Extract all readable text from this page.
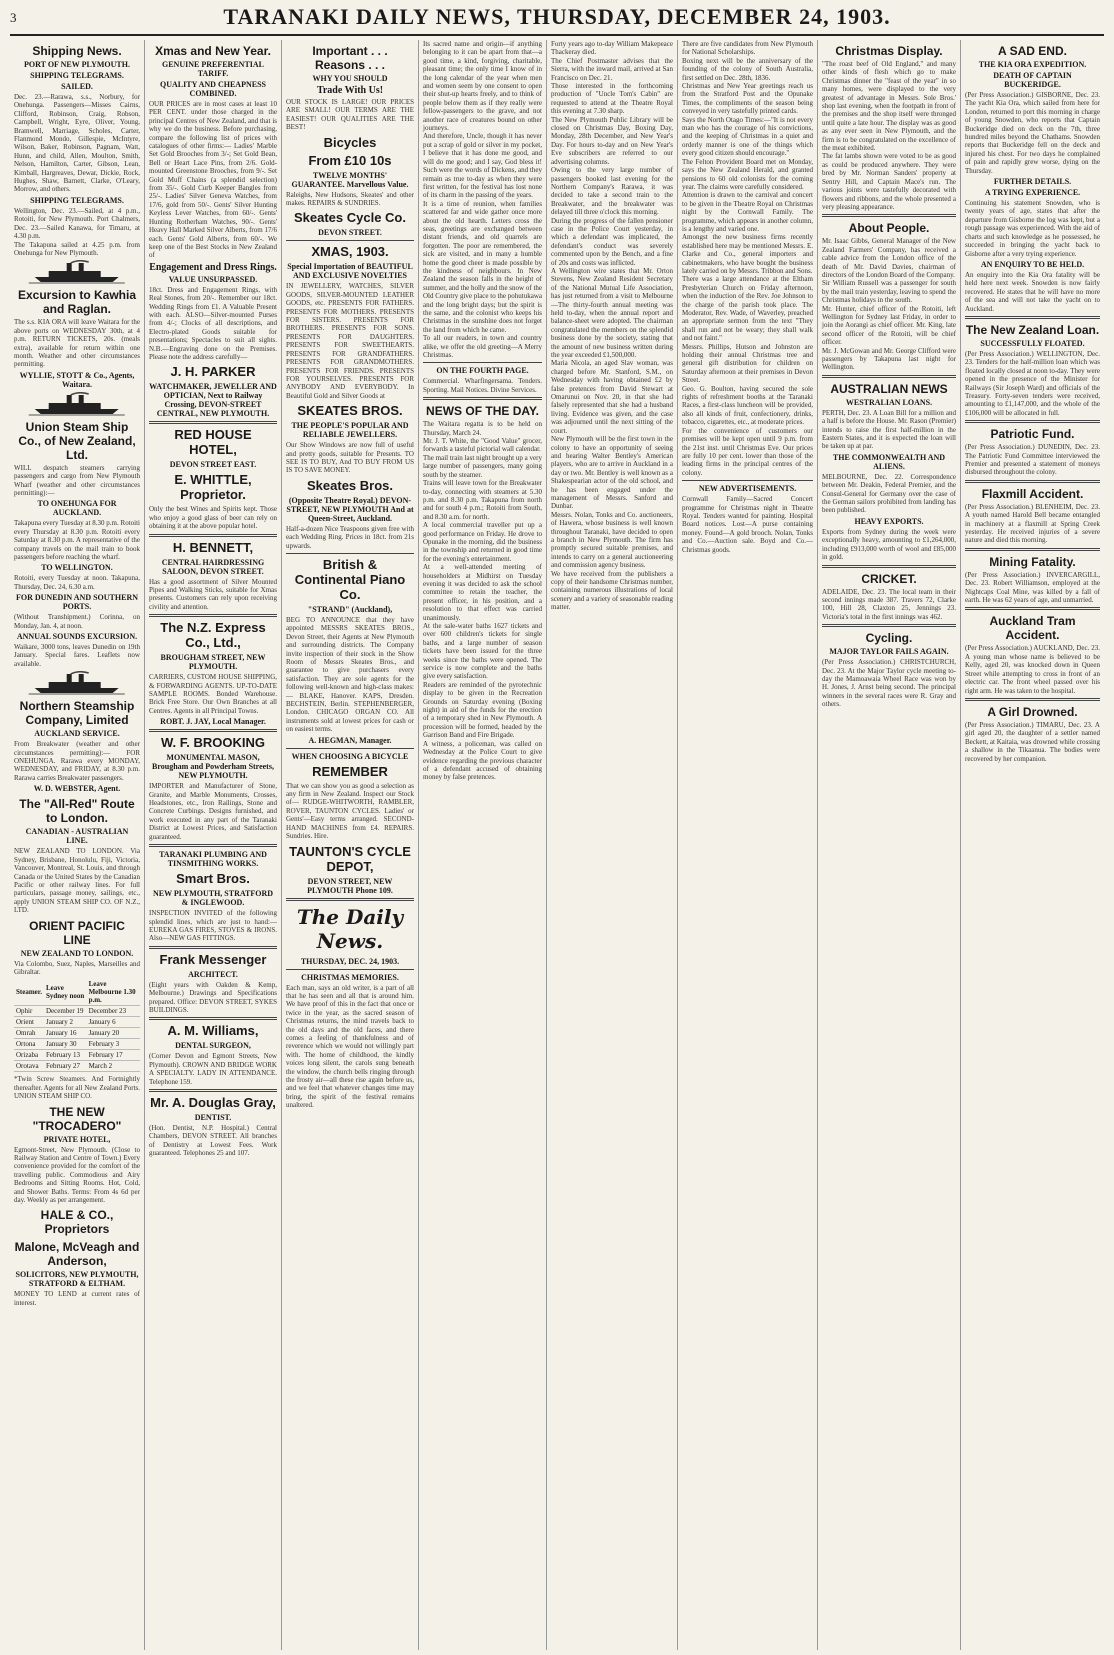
3	TARANAKI DAILY NEWS, THURSDAY, DECEMBER 24, 1903.
Shipping News.
PORT OF NEW PLYMOUTH.
SHIPPING TELEGRAMS.
SAILED.
Dec. 23.—Rarawa, s.s., Norbury, for Onehunga. Passengers—Misses Cairns, Clifford, Robinson, Craig, Robson, Campbell, Wright, Eyre, Oliver, Young, Bramwell, Marriage, Scholes, Carter, Flanmond Mondo, Gillespie, McIntyre, Wilson, Baker, Robinson, Pagnam, Watt, Hunn, and child, Allen, Moulton, Smith, Nelson, Hamilton, Carter, Gibson, Lean, Kimball, Hargreaves, Dewar, Dickie, Rock, Hughes, Shaw, Barnett, Clarke, O'Leary, Morrow, and others.
SHIPPING TELEGRAMS.
Wellington, Dec. 23.—Sailed, at 4 p.m., Rotoiti, for New Plymouth. Port Chalmers, Dec. 23.—Sailed Kanawa, for Timaru, at 4.30 p.m.
The Takapuna sailed at 4.25 p.m. from Onehunga for New Plymouth.
Excursion to Kawhia and Raglan.
The s.s. KIA ORA will leave Waitara for the above ports on WEDNESDAY 30th, at 4 p.m. RETURN TICKETS, 20s. (meals extra), available for return within one month. Weather and other circumstances permitting.
WYLLIE, STOTT & Co., Agents, Waitara.
Union Steam Ship Co., of New Zealand, Ltd.
WILL despatch steamers carrying passengers and cargo from New Plymouth Wharf (weather and other circumstances permitting):—
TO ONEHUNGA FOR AUCKLAND.
Takapuna every Tuesday at 8.30 p.m. Rotoiti every Thursday at 8.30 p.m. Rotoiti every Saturday at 8.30 p.m. A representative of the company travels on the mail train to book passengers before reaching the wharf.
TO WELLINGTON.
Rotoiti, every Tuesday at noon. Takapuna, Thursday, Dec. 24, 6.30 a.m.
FOR DUNEDIN AND SOUTHERN PORTS.
(Without Transhipment.) Corinna, on Monday, Jan. 4, at noon.
ANNUAL SOUNDS EXCURSION.
Waikare, 3000 tons, leaves Dunedin on 19th January. Special fares. Leaflets now available.
Northern Steamship Company, Limited
AUCKLAND SERVICE.
From Breakwater (weather and other circumstances permitting):— FOR ONEHUNGA. Rarawa every MONDAY, WEDNESDAY, and FRIDAY, at 8.30 p.m. Rarawa carries Breakwater passengers.
W. D. WEBSTER, Agent.
The "All-Red" Route to London.
CANADIAN - AUSTRALIAN LINE.
NEW ZEALAND TO LONDON. Via Sydney, Brisbane, Honolulu, Fiji, Victoria, Vancouver, Montreal, St. Louis, and through Canada or the United States by the Canadian Pacific or other railway lines. For full particulars, passage money, sailings, etc., apply UNION STEAM SHIP CO. OF N.Z., LTD.
ORIENT PACIFIC LINE
NEW ZEALAND TO LONDON.
Via Colombo, Suez, Naples, Marseilles and Gibraltar.
Steamer.	Leave Sydney noon	Leave Melbourne 1.30 p.m.
Ophir	December 19	December 23
Orient	January 2	January 6
Omrah	January 16	January 20
Ortona	January 30	February 3
Orizaba	February 13	February 17
Orotava	February 27	March 2
*Twin Screw Steamers. And Fortnightly thereafter. Agents for all New Zealand Ports. UNION STEAM SHIP CO.
THE NEW "TROCADERO"
PRIVATE HOTEL,
Egmont-Street, New Plymouth. (Close to Railway Station and Centre of Town.) Every convenience provided for the comfort of the travelling public. Commodious and Airy Bedrooms and Sitting Rooms. Hot, Cold, and Shower Baths. Terms: From 4s 6d per day. Weekly as per arrangement.
HALE & CO., Proprietors
Malone, McVeagh and Anderson,
SOLICITORS, NEW PLYMOUTH, STRATFORD & ELTHAM.
MONEY TO LEND at current rates of interest.
Xmas and New Year.
GENUINE PREFERENTIAL TARIFF.
QUALITY AND CHEAPNESS COMBINED.
OUR PRICES are in most cases at least 10 PER CENT. under those charged in the principal Centres of New Zealand, and that is why we do the business. Before purchasing, compare the following list of prices with catalogues of other firms:— Ladies' Marble Set Gold Brooches from 3/-; Set Gold Bean, Bell or Heart Lace Pins, from 2/6. Gold-mounted Greenstone Brooches, from 9/-. Set Gold Muff Chains (a splendid selection) from 35/-. Gold Curb Keeper Bangles from 25/-. Ladies' Silver Geneva Watches, from 17/6, gold from 50/-. Gents' Silver Hunting Keyless Lever Watches, from 60/-. Gents' Hunting Rotherham Watches, 90/-. Gents' Heavy Hall Marked Silver Alberts, from 17/6 each. Gents' Gold Alberts, from 60/-. We keep one of the Best Stocks in New Zealand of
Engagement and Dress Rings.
VALUE UNSURPASSED.
18ct. Dress and Engagement Rings, with Real Stones, from 20/-. Remember our 18ct. Wedding Rings from £1. A Valuable Present with each. ALSO—Silver-mounted Purses from 4/-; Clocks of all descriptions, and Electro-plated Goods suitable for presentations; Spectacles to suit all sights. N.B.—Engraving done on the Premises. Please note the address carefully—
J. H. PARKER
WATCHMAKER, JEWELLER AND OPTICIAN, Next to Railway Crossing, DEVON-STREET CENTRAL, NEW PLYMOUTH.
RED HOUSE HOTEL,
DEVON STREET EAST.
E. WHITTLE, Proprietor.
Only the best Wines and Spirits kept. Those who enjoy a good glass of beer can rely on obtaining it at the above popular hotel.
H. BENNETT,
CENTRAL HAIRDRESSING SALOON, DEVON STREET.
Has a good assortment of Silver Mounted Pipes and Walking Sticks, suitable for Xmas presents. Customers can rely upon receiving civility and attention.
The N.Z. Express Co., Ltd.,
BROUGHAM STREET, NEW PLYMOUTH.
CARRIERS, CUSTOM HOUSE SHIPPING, & FORWARDING AGENTS. UP-TO-DATE SAMPLE ROOMS. Bonded Warehouse. Brick Free Store. Our Own Branches at all Centres. Agents in all Principal Towns.
ROBT. J. JAY, Local Manager.
W. F. BROOKING
MONUMENTAL MASON, Brougham and Powderham Streets, NEW PLYMOUTH.
IMPORTER and Manufacturer of Stone, Granite, and Marble Monuments, Crosses, Headstones, etc., Iron Railings, Stone and Concrete Curbings. Designs furnished, and work executed in any part of the Taranaki District at Lowest Prices, and Satisfaction guaranteed.
TARANAKI PLUMBING AND TINSMITHING WORKS.
Smart Bros.
NEW PLYMOUTH, STRATFORD & INGLEWOOD.
INSPECTION INVITED of the following splendid lines, which are just to hand:— EUREKA GAS FIRES, STOVES & IRONS. Also—NEW GAS FITTINGS.
Frank Messenger
ARCHITECT.
(Eight years with Oakden & Kemp, Melbourne.) Drawings and Specifications prepared. Office: DEVON STREET, SYKES BUILDINGS.
A. M. Williams,
DENTAL SURGEON,
(Corner Devon and Egmont Streets, New Plymouth). CROWN AND BRIDGE WORK A SPECIALTY. LADY IN ATTENDANCE. Telephone 159.
Mr. A. Douglas Gray,
DENTIST.
(Hon. Dentist, N.P. Hospital.) Central Chambers, DEVON STREET. All branches of Dentistry at Lowest Fees. Work guaranteed. Telephones 25 and 107.
Important . . . Reasons . . .
WHY YOU SHOULD
Trade With Us!
OUR STOCK IS LARGE! OUR PRICES ARE SMALL! OUR TERMS ARE THE EASIEST! OUR QUALITIES ARE THE BEST!
Bicycles
From £10 10s
TWELVE MONTHS' GUARANTEE. Marvellous Value.
Raleighs, New Hudsons, Skeates' and other makes. REPAIRS & SUNDRIES.
Skeates Cycle Co.
DEVON STREET.
XMAS, 1903.
Special Importation of BEAUTIFUL AND EXCLUSIVE NOVELTIES
IN JEWELLERY, WATCHES, SILVER GOODS, SILVER-MOUNTED LEATHER GOODS, etc. PRESENTS FOR FATHERS. PRESENTS FOR MOTHERS. PRESENTS FOR SISTERS. PRESENTS FOR BROTHERS. PRESENTS FOR SONS. PRESENTS FOR DAUGHTERS. PRESENTS FOR SWEETHEARTS. PRESENTS FOR GRANDFATHERS. PRESENTS FOR GRANDMOTHERS. PRESENTS FOR FRIENDS. PRESENTS FOR YOURSELVES. PRESENTS FOR ANYBODY AND EVERYBODY. In Beautiful Gold and Silver Goods at
SKEATES BROS.
THE PEOPLE'S POPULAR AND RELIABLE JEWELLERS.
Our Show Windows are now full of useful and pretty goods, suitable for Presents. TO SEE IS TO BUY, And TO BUY FROM US IS TO SAVE MONEY.
Skeates Bros.
(Opposite Theatre Royal.) DEVON-STREET, NEW PLYMOUTH And at Queen-Street, Auckland.
Half-a-dozen Nice Teaspoons given free with each Wedding Ring. Prices in 18ct. from 21s upwards.
British & Continental Piano Co.
"STRAND" (Auckland),
BEG TO ANNOUNCE that they have appointed MESSRS SKEATES BROS., Devon Street, their Agents at New Plymouth and surrounding districts. The Company invite inspection of their stock in the Show Room of Messrs Skeates Bros., and guarantee to give purchasers every satisfaction. They are sole agents for the following well-known and high-class makes:— BLAKE, Hanover. KAPS, Dresden. BECHSTEIN, Berlin. STEPHENBERGER, London. CHICAGO ORGAN CO. All instruments sold at lowest prices for cash or on easiest terms.
A. HEGMAN, Manager.
WHEN CHOOSING A BICYCLE
REMEMBER
That we can show you as good a selection as any firm in New Zealand. Inspect our Stock of— RUDGE-WHITWORTH, RAMBLER, ROVER, TAUNTON CYCLES. Ladies' or Gents'—Easy terms arranged. SECOND-HAND MACHINES from £4. REPAIRS. Sundries. Hire.
TAUNTON'S CYCLE DEPOT,
DEVON STREET, NEW PLYMOUTH Phone 109.
The Daily News.
THURSDAY, DEC. 24, 1903.
CHRISTMAS MEMORIES.
Each man, says an old writer, is a part of all that he has seen and all that is around him. We have proof of this in the fact that once or twice in the year, as the sacred season of Christmas returns, the mind travels back to the old days and the old faces, and there comes a feeling of thankfulness and of reverence which we would not willingly part with. The home of childhood, the kindly voices long silent, the carols sung beneath the window, the church bells ringing through the frosty air—all these rise again before us, and we feel that whatever changes time may bring, the spirit of the festival remains unaltered.
Its sacred name and origin—if anything belonging to it can be apart from that—a good time, a kind, forgiving, charitable, pleasant time; the only time I know of in the long calendar of the year when men and women seem by one consent to open their shut-up hearts freely, and to think of people below them as if they really were fellow-passengers to the grave, and not another race of creatures bound on other journeys.
And therefore, Uncle, though it has never put a scrap of gold or silver in my pocket, I believe that it has done me good, and will do me good; and I say, God bless it! Such were the words of Dickens, and they remain as true to-day as when they were first written, for the festival has lost none of its charm in the passing of the years.
It is a time of reunion, when families scattered far and wide gather once more about the old hearth. Letters cross the seas, greetings are exchanged between distant friends, and old quarrels are forgotten. The poor are remembered, the sick are visited, and in many a humble home the good cheer is made possible by the kindness of neighbours. In New Zealand the season falls in the height of summer, and the holly and the snow of the Old Country give place to the pohutukawa and the long bright days; but the spirit is the same, and the colonist who keeps his Christmas in the sunshine does not forget the land from which he came.
To all our readers, in town and country alike, we offer the old greeting—A Merry Christmas.
ON THE FOURTH PAGE.
Commercial. Wharfingersama. Tenders. Sporting. Mail Notices. Divine Services.
NEWS OF THE DAY.
The Waitara regatta is to be held on Thursday, March 24.
Mr. J. T. White, the "Good Value" grocer, forwards a tasteful pictorial wall calendar.
The mail train last night brought up a very large number of passengers, many going south by the steamer.
Trains will leave town for the Breakwater to-day, connecting with steamers at 5.30 p.m. and 8.30 p.m. Takapuna from north and for south 4 p.m.; Rotoiti from South, and 8.30 a.m. for north.
A local commercial traveller put up a good performance on Friday. He drove to Opunake in the morning, did the business in the township and returned in good time for the evening's entertainment.
At a well-attended meeting of householders at Midhirst on Tuesday evening it was decided to ask the school committee to retain the teacher, the present officer, in his position, and a resolution to that effect was carried unanimously.
At the sale-water baths 1627 tickets and over 600 children's tickets for single baths, and a large number of season tickets have been issued for the three weeks since the baths were opened. The service is now complete and the baths give every satisfaction.
Readers are reminded of the pyrotechnic display to be given in the Recreation Grounds on Saturday evening (Boxing night) in aid of the funds for the erection of a temporary shed in New Plymouth. A procession will be formed, headed by the Garrison Band and Fire Brigade.
A witness, a policeman, was called on Wednesday at the Police Court to give evidence regarding the previous character of a defendant accused of obtaining money by false pretences.
Forty years ago to-day William Makepeace Thackeray died.
The Chief Postmaster advises that the Sierra, with the inward mail, arrived at San Francisco on Dec. 21.
Those interested in the forthcoming production of "Uncle Tom's Cabin" are requested to attend at the Theatre Royal this evening at 7.30 sharp.
The New Plymouth Public Library will be closed on Christmas Day, Boxing Day, Monday, 28th December, and New Year's Day. For hours to-day and on New Year's Eve subscribers are referred to our advertising columns.
Owing to the very large number of passengers booked last evening for the Northern Company's Rarawa, it was decided to take a second train to the Breakwater, and the breakwater was delayed till three o'clock this morning.
During the progress of the fallen pensioner case in the Police Court yesterday, in which a defendant was implicated, the defendant's conduct was severely commented upon by the Bench, and a fine of 20s and costs was inflicted.
A Wellington wire states that Mr. Orton Stevens, New Zealand Resident Secretary of the National Mutual Life Association, has just returned from a visit to Melbourne—The thirty-fourth annual meeting was held to-day, when the annual report and balance-sheet were adopted. The chairman congratulated the members on the splendid business done by the society, stating that the amount of new business written during the year exceeded £1,500,000.
Maria Nicola, an aged Slav woman, was charged before Mr. Stanford, S.M., on Wednesday with having obtained £2 by false pretences from David Stewart at Omarunui on Nov. 20, in that she had falsely represented that she had a husband living. Evidence was given, and the case was adjourned until the next sitting of the court.
New Plymouth will be the first town in the colony to have an opportunity of seeing and hearing Walter Bentley's American players, who are to arrive in Auckland in a day or two. Mr. Bentley is well known as a Shakespearian actor of the old school, and he has been engaged under the management of Messrs. Sanford and Dunbar.
Messrs. Nolan, Tonks and Co. auctioneers, of Hawera, whose business is well known throughout Taranaki, have decided to open a branch in New Plymouth. The firm has promptly secured suitable premises, and intends to carry on a general auctioneering and commission agency business.
We have received from the publishers a copy of their handsome Christmas number, containing numerous illustrations of local scenery and a variety of seasonable reading matter.
There are five candidates from New Plymouth for National Scholarships.
Boxing next will be the anniversary of the founding of the colony of South Australia, first settled on Dec. 28th, 1836.
Christmas and New Year greetings reach us from the Stratford Post and the Opunake Times, the compliments of the season being conveyed in very tastefully printed cards.
Says the North Otago Times:—"It is not every man who has the courage of his convictions, and the keeping of Christmas in a quiet and orderly manner is one of the things which every good citizen should encourage."
The Felton Provident Board met on Monday, says the New Zealand Herald, and granted pensions to 60 old colonists for the coming year. The claims were carefully considered.
Attention is drawn to the carnival and concert to be given in the Theatre Royal on Christmas night by the Cornwall Family. The programme, which appears in another column, is a lengthy and varied one.
Amongst the new business firms recently established here may be mentioned Messrs. E. Clarke and Co., general importers and cabinetmakers, who have bought the business lately carried on by Messrs. Tribbon and Sons.
There was a large attendance at the Eltham Presbyterian Church on Friday afternoon, when the induction of the Rev. Joe Johnson to the charge of the parish took place. The Moderator, Rev. Wade, of Waverley, preached an appropriate sermon from the text "They shall run and not be weary; they shall walk and not faint."
Messrs. Phillips, Hutson and Johnston are holding their annual Christmas tree and general gift distribution for children on Saturday afternoon at their premises in Devon Street.
Geo. G. Boulton, having secured the sole rights of refreshment booths at the Taranaki Races, a first-class luncheon will be provided, also all kinds of fruit, confectionery, drinks, tobacco, cigarettes, etc., at moderate prices.
For the convenience of customers our premises will be kept open until 9 p.m. from the 21st inst. until Christmas Eve. Our prices are fully 10 per cent. lower than those of the leading firms in the principal centres of the colony.
NEW ADVERTISEMENTS.
Cornwall Family—Sacred Concert programme for Christmas night in Theatre Royal. Tenders wanted for painting. Hospital Board notices. Lost—A purse containing money. Found—A gold brooch. Nolan, Tonks and Co.—Auction sale. Boyd and Co.—Christmas goods.
Christmas Display.
"The roast beef of Old England," and many other kinds of flesh which go to make Christmas dinner the "feast of the year" in so many homes, were displayed to the very greatest of advantage in Messrs. Sole Bros.' shop last evening, when the footpath in front of the premises and the shop itself were thronged until quite a late hour. The display was as good as any ever seen in New Plymouth, and the firm is to be congratulated on the excellence of the meat exhibited.
The fat lambs shown were voted to be as good as could be produced anywhere. They were bred by Mr. Norman Sanders' property at Sentry Hill, and Captain Mace's run. The various joints were tastefully decorated with flowers and ribbons, and the whole presented a very pleasing appearance.
About People.
Mr. Isaac Gibbs, General Manager of the New Zealand Farmers' Company, has received a cable advice from the London office of the death of Mr. David Davies, chairman of directors of the London Board of the Company.
Sir William Russell was a passenger for south by the mail train yesterday, leaving to spend the Christmas holidays in the south.
Mr. Hunter, chief officer of the Rotoiti, left Wellington for Sydney last Friday, in order to join the Aorangi as chief officer. Mr. King, late second officer of the Rotoiti, will be chief officer.
Mr. J. McGowan and Mr. George Clifford were passengers by Takapuna last night for Wellington.
AUSTRALIAN NEWS
WESTRALIAN LOANS.
PERTH, Dec. 23. A Loan Bill for a million and a half is before the House. Mr. Rason (Premier) intends to raise the first half-million in the Eastern States, and it is expected the loan will be taken up at par.
THE COMMONWEALTH AND ALIENS.
MELBOURNE, Dec. 22. Correspondence between Mr. Deakin, Federal Premier, and the Consul-General for Germany over the case of the German sailors prohibited from landing has been published.
HEAVY EXPORTS.
Exports from Sydney during the week were exceptionally heavy, amounting to £1,264,000, including £913,000 worth of wool and £85,000 in gold.
CRICKET.
ADELAIDE, Dec. 23. The local team in their second innings made 387. Travers 72, Clarke 100, Hill 28, Claxton 25, Jennings 23. Victoria's total in the first innings was 462.
Cycling.
MAJOR TAYLOR FAILS AGAIN.
(Per Press Association.) CHRISTCHURCH, Dec. 23. At the Major Taylor cycle meeting to-day the Mamoawaia Wheel Race was won by H. Jones, J. Arnst being second. The principal winners in the several races were R. Gray and others.
A SAD END.
THE KIA ORA EXPEDITION.
DEATH OF CAPTAIN BUCKERIDGE.
(Per Press Association.) GISBORNE, Dec. 23. The yacht Kia Ora, which sailed from here for London, returned to port this morning in charge of young Snowden, who reports that Captain Buckeridge died on deck on the 7th, three hundred miles beyond the Chathams. Snowden reports that Buckeridge fell on the deck and injured his chest. For two days he complained of pain and rapidly grew worse, dying on the Thursday.
FURTHER DETAILS.
A TRYING EXPERIENCE.
Continuing his statement Snowden, who is twenty years of age, states that after the departure from Gisborne the log was kept, but a rough passage was experienced. With the aid of charts and such knowledge as he possessed, he succeeded in bringing the yacht back to Gisborne after a very trying experience.
AN ENQUIRY TO BE HELD.
An enquiry into the Kia Ora fatality will be held here next week. Snowden is now fairly recovered. He states that he will have no more of the sea and will not take the yacht on to Auckland.
The New Zealand Loan.
SUCCESSFULLY FLOATED.
(Per Press Association.) WELLINGTON, Dec. 23. Tenders for the half-million loan which was floated locally closed at noon to-day. They were opened in the presence of the Minister for Railways (Sir Joseph Ward) and officials of the Treasury. Forty-seven tenders were received, amounting to £1,147,000, and the whole of the £106,000 will be allocated in full.
Patriotic Fund.
(Per Press Association.) DUNEDIN, Dec. 23. The Patriotic Fund Committee interviewed the Premier and presented a statement of moneys disbursed throughout the colony.
Flaxmill Accident.
(Per Press Association.) BLENHEIM, Dec. 23. A youth named Harold Bell became entangled in machinery at a flaxmill at Spring Creek yesterday. He received injuries of a severe nature and died this morning.
Mining Fatality.
(Per Press Association.) INVERCARGILL, Dec. 23. Robert Williamson, employed at the Nightcaps Coal Mine, was killed by a fall of earth. He was 62 years of age, and unmarried.
Auckland Tram Accident.
(Per Press Association.) AUCKLAND, Dec. 23. A young man whose name is believed to be Kelly, aged 20, was knocked down in Queen Street while attempting to cross in front of an electric car. The front wheel passed over his right arm. He was taken to the hospital.
A Girl Drowned.
(Per Press Association.) TIMARU, Dec. 23. A girl aged 20, the daughter of a settler named Beckett, at Kaitaia, was drowned while crossing a shallow in the Tikaanua. The bodies were recovered by her companion.
